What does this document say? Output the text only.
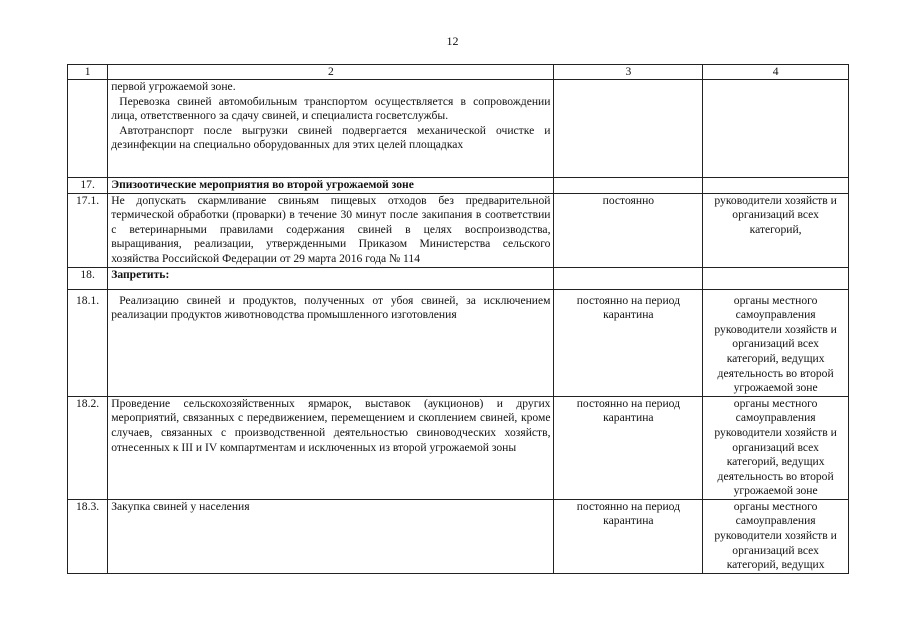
12
1	2	3	4

	первой угрожаемой зоне.

Перевозка свиней автомобильным транспортом осуществляется в сопровождении лица, ответственного за сдачу свиней, и специалиста госветслужбы.

Автотранспорт после выгрузки свиней подвергается механической очистке и дезинфекции на специально оборудованных для этих целей площадках		

17.	Эпизоотические мероприятия во второй угрожаемой зоне		
17.1.	Не допускать скармливание свиньям пищевых отходов без предварительной термической обработки (проварки) в течение 30 минут после закипания в соответствии с ветеринарными правилами содержания свиней в целях воспроизводства, выращивания, реализации, утвержденными Приказом Министерства сельского хозяйства Российской Федерации от 29 марта 2016 года № 114	постоянно	руководители хозяйств и организаций всех категорий,
18.	Запретить:		
18.1.	Реализацию свиней и продуктов, полученных от убоя свиней, за исключением реализации продуктов животноводства промышленного изготовления	постоянно на период карантина	органы местного самоуправления руководители хозяйств и организаций всех категорий, ведущих деятельность во второй угрожаемой зоне
18.2.	Проведение сельскохозяйственных ярмарок, выставок (аукционов) и других мероприятий, связанных с передвижением, перемещением и скоплением свиней, кроме случаев, связанных с производственной деятельностью свиноводческих хозяйств, отнесенных к III и IV компартментам и исключенных из второй угрожаемой зоны	постоянно на период карантина	органы местного самоуправления руководители хозяйств и организаций всех категорий, ведущих деятельность во второй угрожаемой зоне
18.3.	Закупка свиней у населения	постоянно на период карантина	органы местного самоуправления руководители хозяйств и организаций всех категорий, ведущих
